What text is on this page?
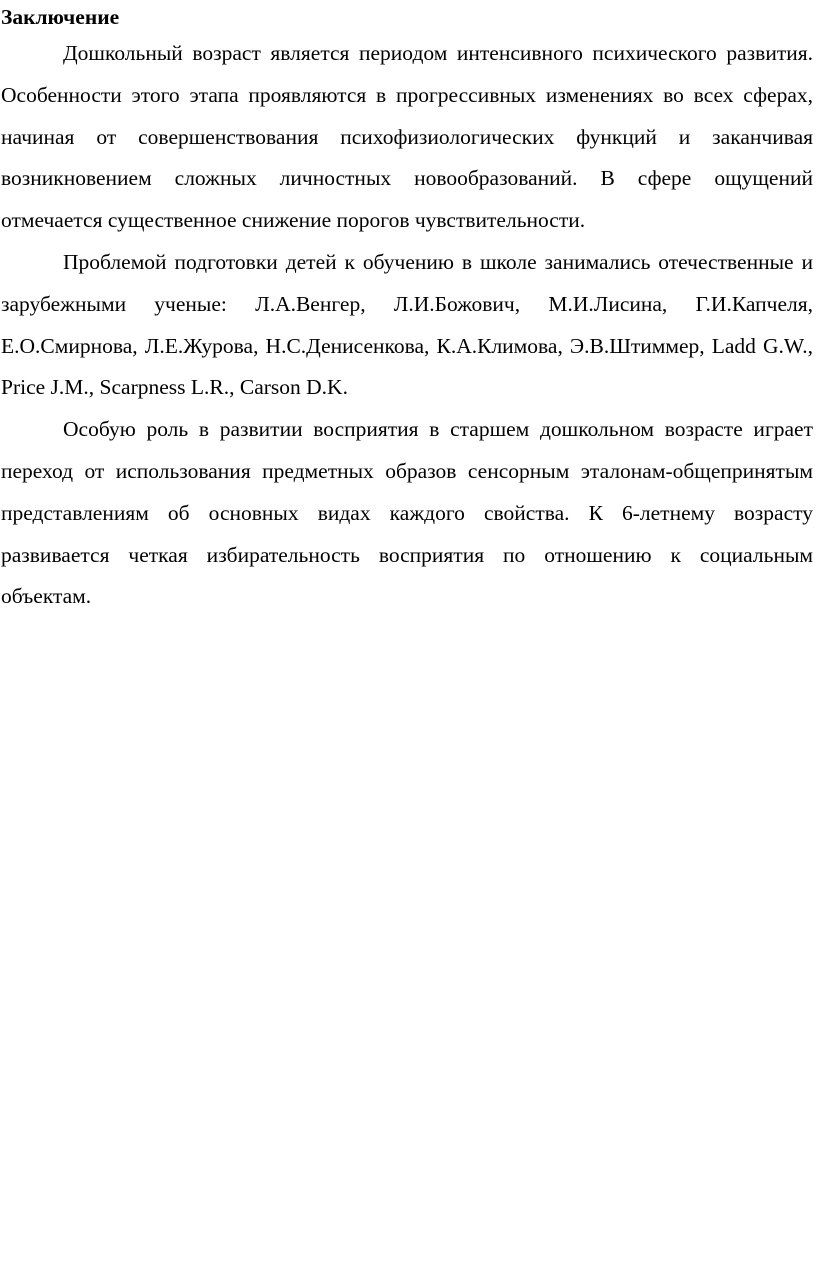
Заключение

Дошкольный возраст является периодом интенсивного психического развития. Особенности этого этапа проявляются в прогрессивных изменениях во всех сферах, начиная от совершенствования психофизиологических функций и заканчивая возникновением сложных личностных новообразований. В сфере ощущений отмечается существенное снижение порогов чувствительности.

Проблемой подготовки детей к обучению в школе занимались отечественные и зарубежными ученые: Л.А.Венгер, Л.И.Божович, М.И.Лисина, Г.И.Капчеля, Е.О.Смирнова, Л.Е.Журова, Н.С.Денисенкова, К.А.Климова, Э.В.Штиммер, Ladd G.W., Price J.M., Scarpness L.R., Carson D.K.

Особую роль в развитии восприятия в старшем дошкольном возрасте играет переход от использования предметных образов сенсорным эталонам-общепринятым представлениям об основных видах каждого свойства. К 6-летнему возрасту развивается четкая избирательность восприятия по отношению к социальным объектам.
